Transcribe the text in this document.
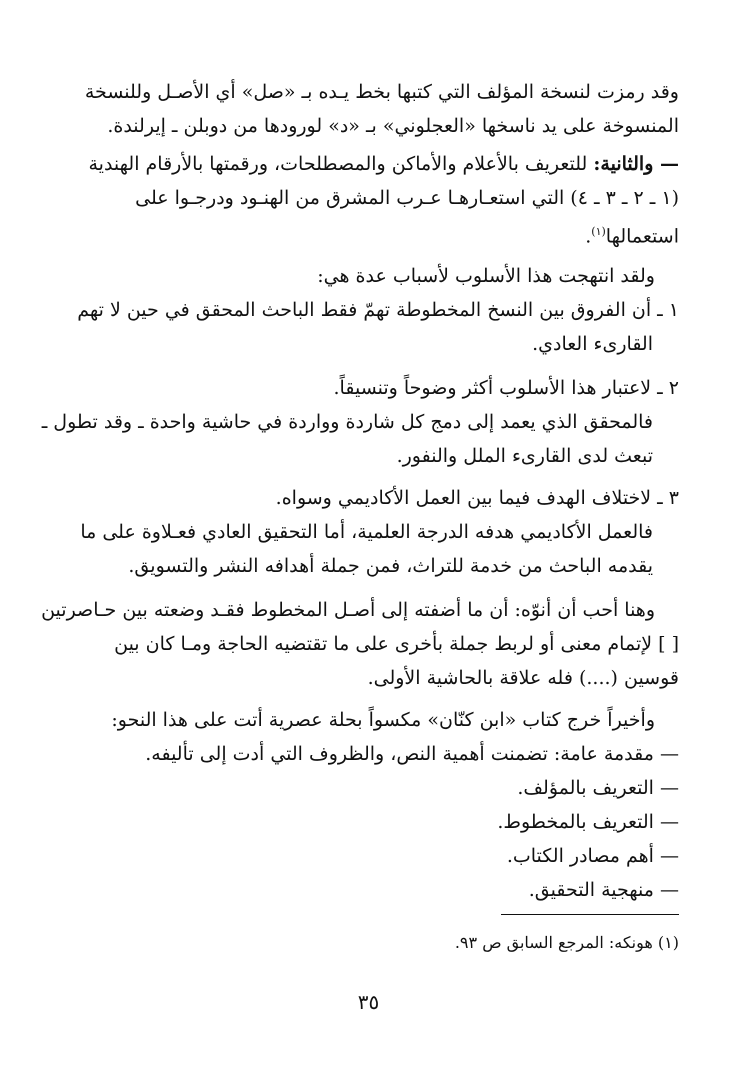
وقد رمزت لنسخة المؤلف التي كتبها بخط يـده بـ «صل» أي الأصـل وللنسخة

المنسوخة على يد ناسخها «العجلوني» بـ «د» لورودها من دوبلن ـ إيرلندة.

— والثانية: للتعريف بالأعلام والأماكن والمصطلحات، ورقمتها بالأرقام الهندية

(١ ـ ٢ ـ ٣ ـ ٤) التي استعـارهـا عـرب المشرق من الهنـود ودرجـوا على

استعمالها$^{(١)}$.

ولقد انتهجت هذا الأسلوب لأسباب عدة هي:

١ ـ أن الفروق بين النسخ المخطوطة تهمّ فقط الباحث المحقق في حين لا تهم

القارىء العادي.

٢ ـ لاعتبار هذا الأسلوب أكثر وضوحاً وتنسيقاً.

فالمحقق الذي يعمد إلى دمج كل شاردة وواردة في حاشية واحدة ـ وقد تطول ـ

تبعث لدى القارىء الملل والنفور.

٣ ـ لاختلاف الهدف فيما بين العمل الأكاديمي وسواه.

فالعمل الأكاديمي هدفه الدرجة العلمية، أما التحقيق العادي فعـلاوة على ما

يقدمه الباحث من خدمة للتراث، فمن جملة أهدافه النشر والتسويق.

وهنا أحب أن أنوّه: أن ما أضفته إلى أصـل المخطوط فقـد وضعته بين حـاصرتين

[ ] لإتمام معنى أو لربط جملة بأخرى على ما تقتضيه الحاجة ومـا كان بين

قوسين (....) فله علاقة بالحاشية الأولى.

وأخيراً خرج كتاب «ابن كنّان» مكسواً بحلة عصرية أتت على هذا النحو:

— مقدمة عامة: تضمنت أهمية النص، والظروف التي أدت إلى تأليفه.

— التعريف بالمؤلف.

— التعريف بالمخطوط.

— أهم مصادر الكتاب.

— منهجية التحقيق.

(١) هونكه: المرجع السابق ص ٩٣.

٣٥
